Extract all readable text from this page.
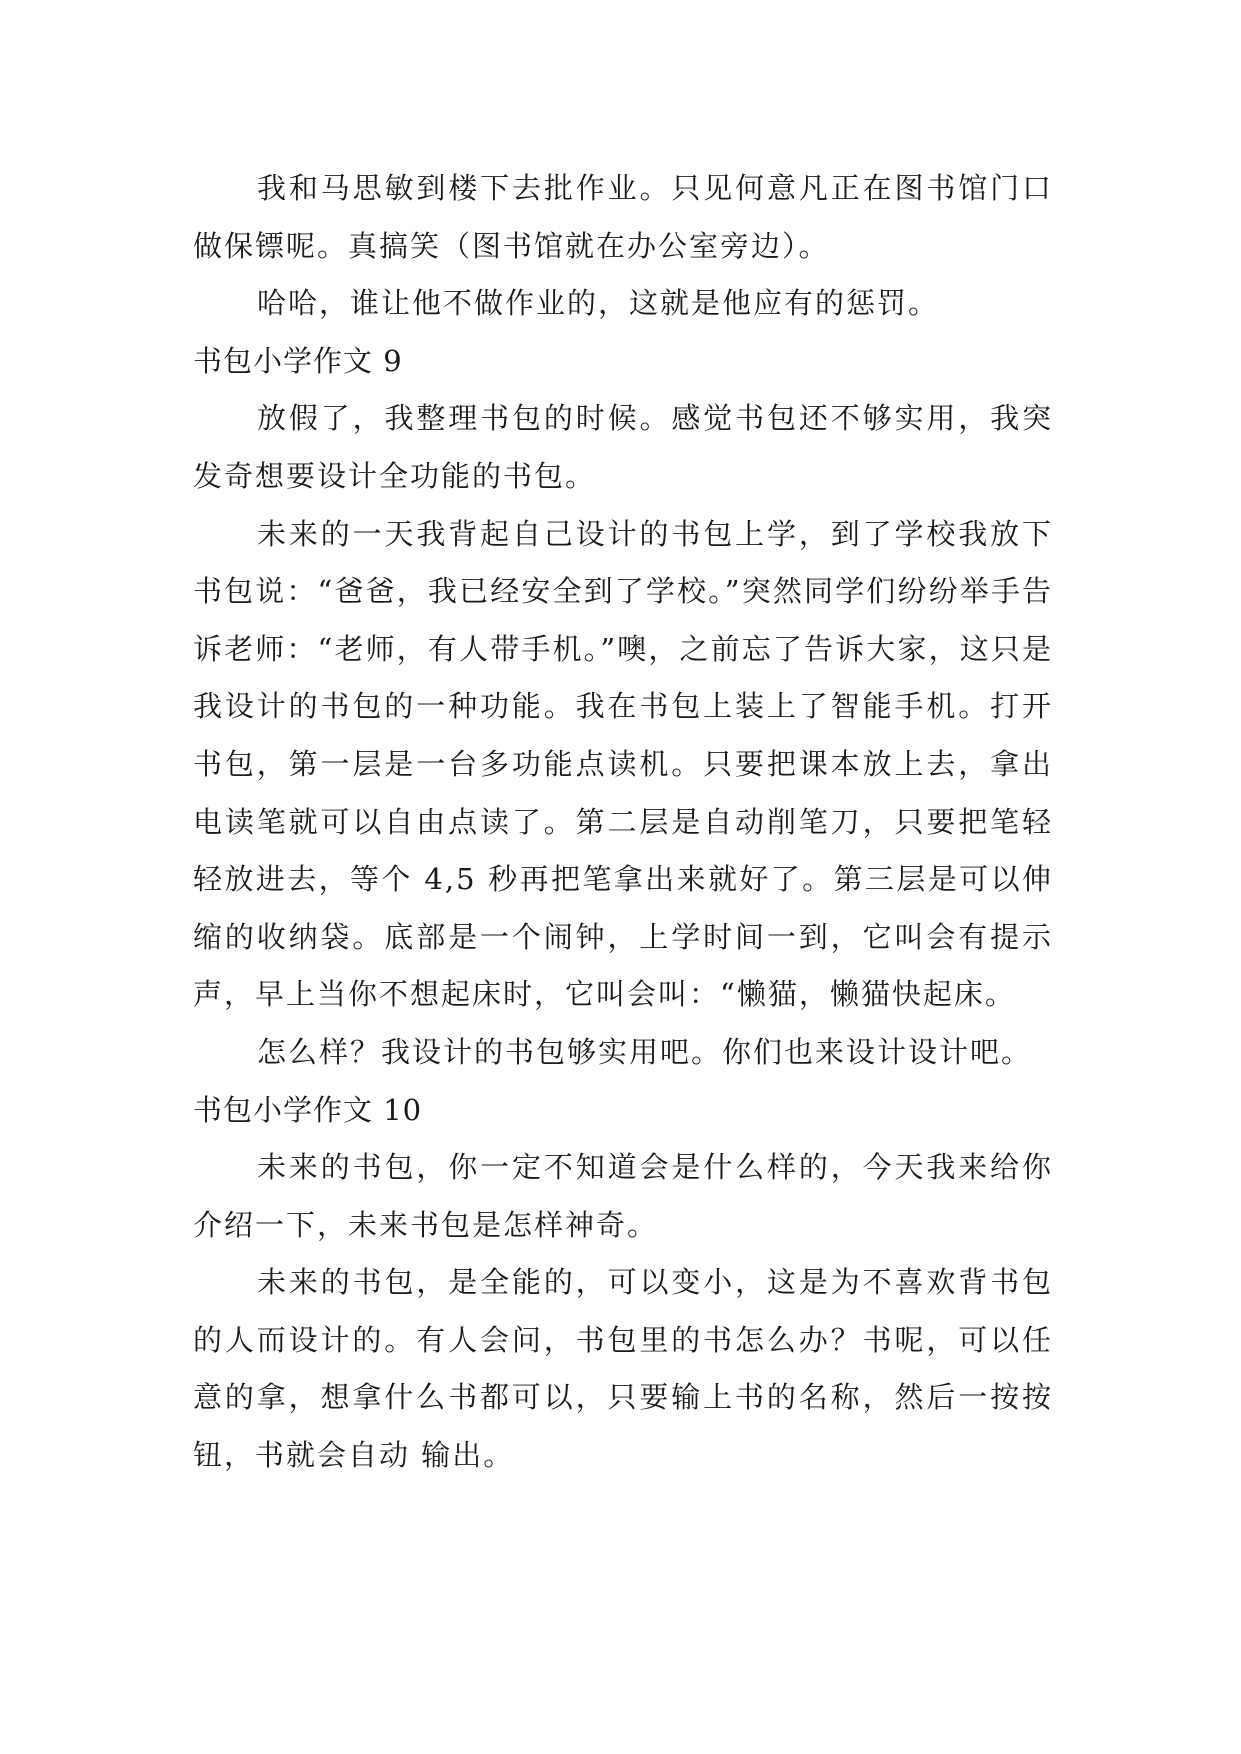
我和马思敏到楼下去批作业。只见何意凡正在图书馆门口做保镖呢。真搞笑（图书馆就在办公室旁边）。

哈哈，谁让他不做作业的，这就是他应有的惩罚。

书包小学作文 9

放假了，我整理书包的时候。感觉书包还不够实用，我突发奇想要设计全功能的书包。

未来的一天我背起自己设计的书包上学，到了学校我放下书包说：“爸爸，我已经安全到了学校。”突然同学们纷纷举手告诉老师：“老师，有人带手机。”噢，之前忘了告诉大家，这只是我设计的书包的一种功能。我在书包上装上了智能手机。打开书包，第一层是一台多功能点读机。只要把课本放上去，拿出电读笔就可以自由点读了。第二层是自动削笔刀，只要把笔轻轻放进去，等个 4,5 秒再把笔拿出来就好了。第三层是可以伸缩的收纳袋。底部是一个闹钟，上学时间一到，它叫会有提示声，早上当你不想起床时，它叫会叫：“懒猫，懒猫快起床。

怎么样？我设计的书包够实用吧。你们也来设计设计吧。

书包小学作文 10

未来的书包，你一定不知道会是什么样的，今天我来给你介绍一下，未来书包是怎样神奇。

未来的书包，是全能的，可以变小，这是为不喜欢背书包的人而设计的。有人会问，书包里的书怎么办？书呢，可以任意的拿，想拿什么书都可以，只要输上书的名称，然后一按按钮，书就会自动 输出。
